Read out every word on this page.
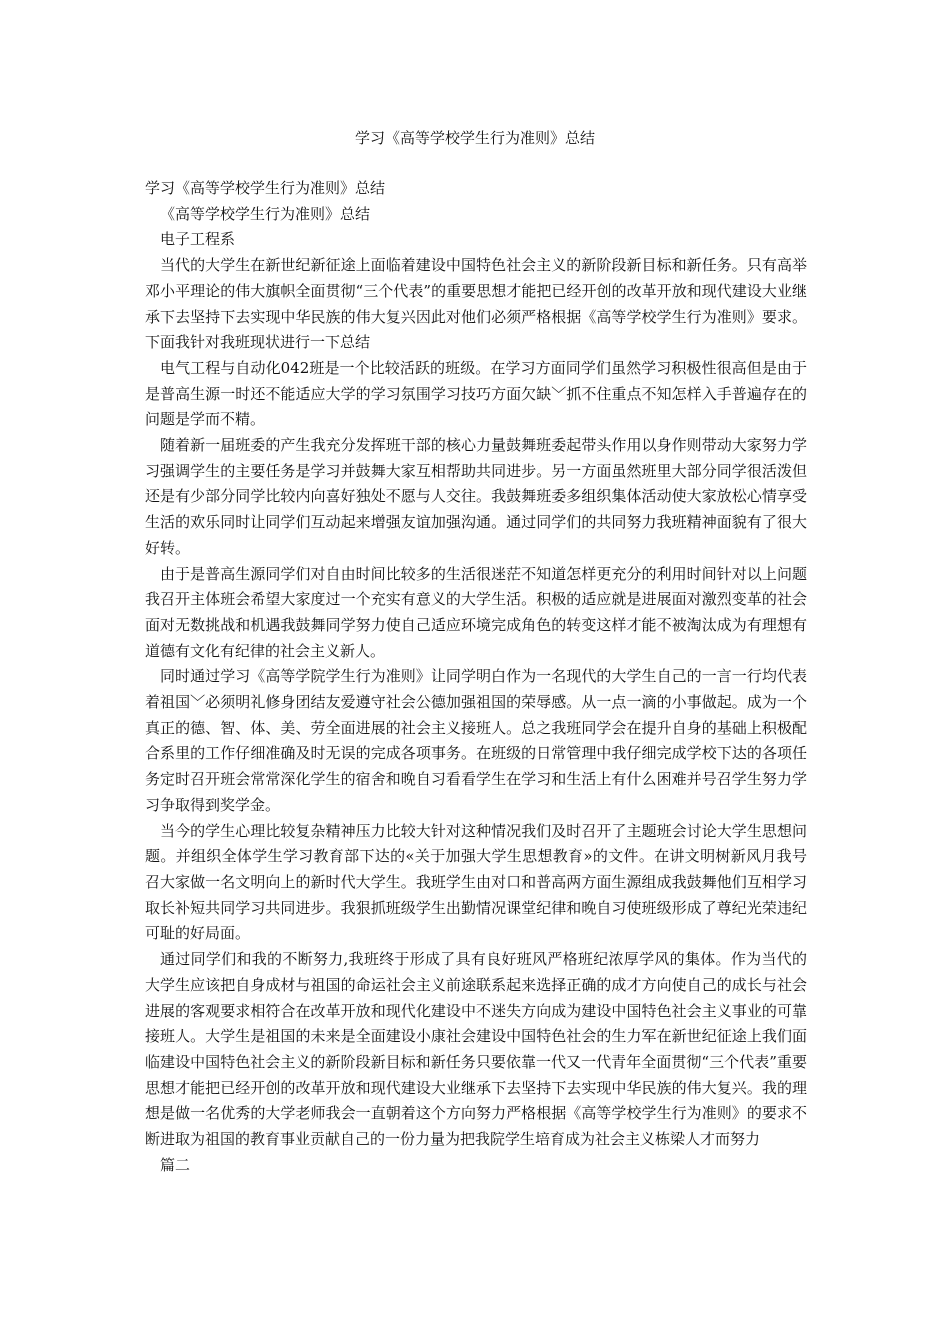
学习《高等学校学生行为准则》总结

学习《高等学校学生行为准则》总结

《高等学校学生行为准则》总结

电子工程系

当代的大学生在新世纪新征途上面临着建设中国特色社会主义的新阶段新目标和新任务。只有高举邓小平理论的伟大旗帜全面贯彻“三个代表”的重要思想才能把已经开创的改革开放和现代建设大业继承下去坚持下去实现中华民族的伟大复兴因此对他们必须严格根据《高等学校学生行为准则》要求。下面我针对我班现状进行一下总结

电气工程与自动化042班是一个比较活跃的班级。在学习方面同学们虽然学习积极性很高但是由于是普高生源一时还不能适应大学的学习氛围学习技巧方面欠缺﹀抓不住重点不知怎样入手普遍存在的问题是学而不精。

随着新一届班委的产生我充分发挥班干部的核心力量鼓舞班委起带头作用以身作则带动大家努力学习强调学生的主要任务是学习并鼓舞大家互相帮助共同进步。另一方面虽然班里大部分同学很活泼但还是有少部分同学比较内向喜好独处不愿与人交往。我鼓舞班委多组织集体活动使大家放松心情享受生活的欢乐同时让同学们互动起来增强友谊加强沟通。通过同学们的共同努力我班精神面貌有了很大好转。

由于是普高生源同学们对自由时间比较多的生活很迷茫不知道怎样更充分的利用时间针对以上问题我召开主体班会希望大家度过一个充实有意义的大学生活。积极的适应就是进展面对激烈变革的社会面对无数挑战和机遇我鼓舞同学努力使自己适应环境完成角色的转变这样才能不被淘汰成为有理想有道德有文化有纪律的社会主义新人。

同时通过学习《高等学院学生行为准则》让同学明白作为一名现代的大学生自己的一言一行均代表着祖国﹀必须明礼修身团结友爱遵守社会公德加强祖国的荣辱感。从一点一滴的小事做起。成为一个真正的德、智、体、美、劳全面进展的社会主义接班人。总之我班同学会在提升自身的基础上积极配合系里的工作仔细准确及时无误的完成各项事务。在班级的日常管理中我仔细完成学校下达的各项任务定时召开班会常常深化学生的宿舍和晚自习看看学生在学习和生活上有什么困难并号召学生努力学习争取得到奖学金。

当今的学生心理比较复杂精神压力比较大针对这种情况我们及时召开了主题班会讨论大学生思想问题。并组织全体学生学习教育部下达的«关于加强大学生思想教育»的文件。在讲文明树新风月我号召大家做一名文明向上的新时代大学生。我班学生由对口和普高两方面生源组成我鼓舞他们互相学习取长补短共同学习共同进步。我狠抓班级学生出勤情况课堂纪律和晚自习使班级形成了尊纪光荣违纪可耻的好局面。

通过同学们和我的不断努力,我班终于形成了具有良好班风严格班纪浓厚学风的集体。作为当代的大学生应该把自身成材与祖国的命运社会主义前途联系起来选择正确的成才方向使自己的成长与社会进展的客观要求相符合在改革开放和现代化建设中不迷失方向成为建设中国特色社会主义事业的可靠接班人。大学生是祖国的未来是全面建设小康社会建设中国特色社会的生力军在新世纪征途上我们面临建设中国特色社会主义的新阶段新目标和新任务只要依靠一代又一代青年全面贯彻“三个代表”重要思想才能把已经开创的改革开放和现代建设大业继承下去坚持下去实现中华民族的伟大复兴。我的理想是做一名优秀的大学老师我会一直朝着这个方向努力严格根据《高等学校学生行为准则》的要求不断进取为祖国的教育事业贡献自己的一份力量为把我院学生培育成为社会主义栋梁人才而努力

篇二
